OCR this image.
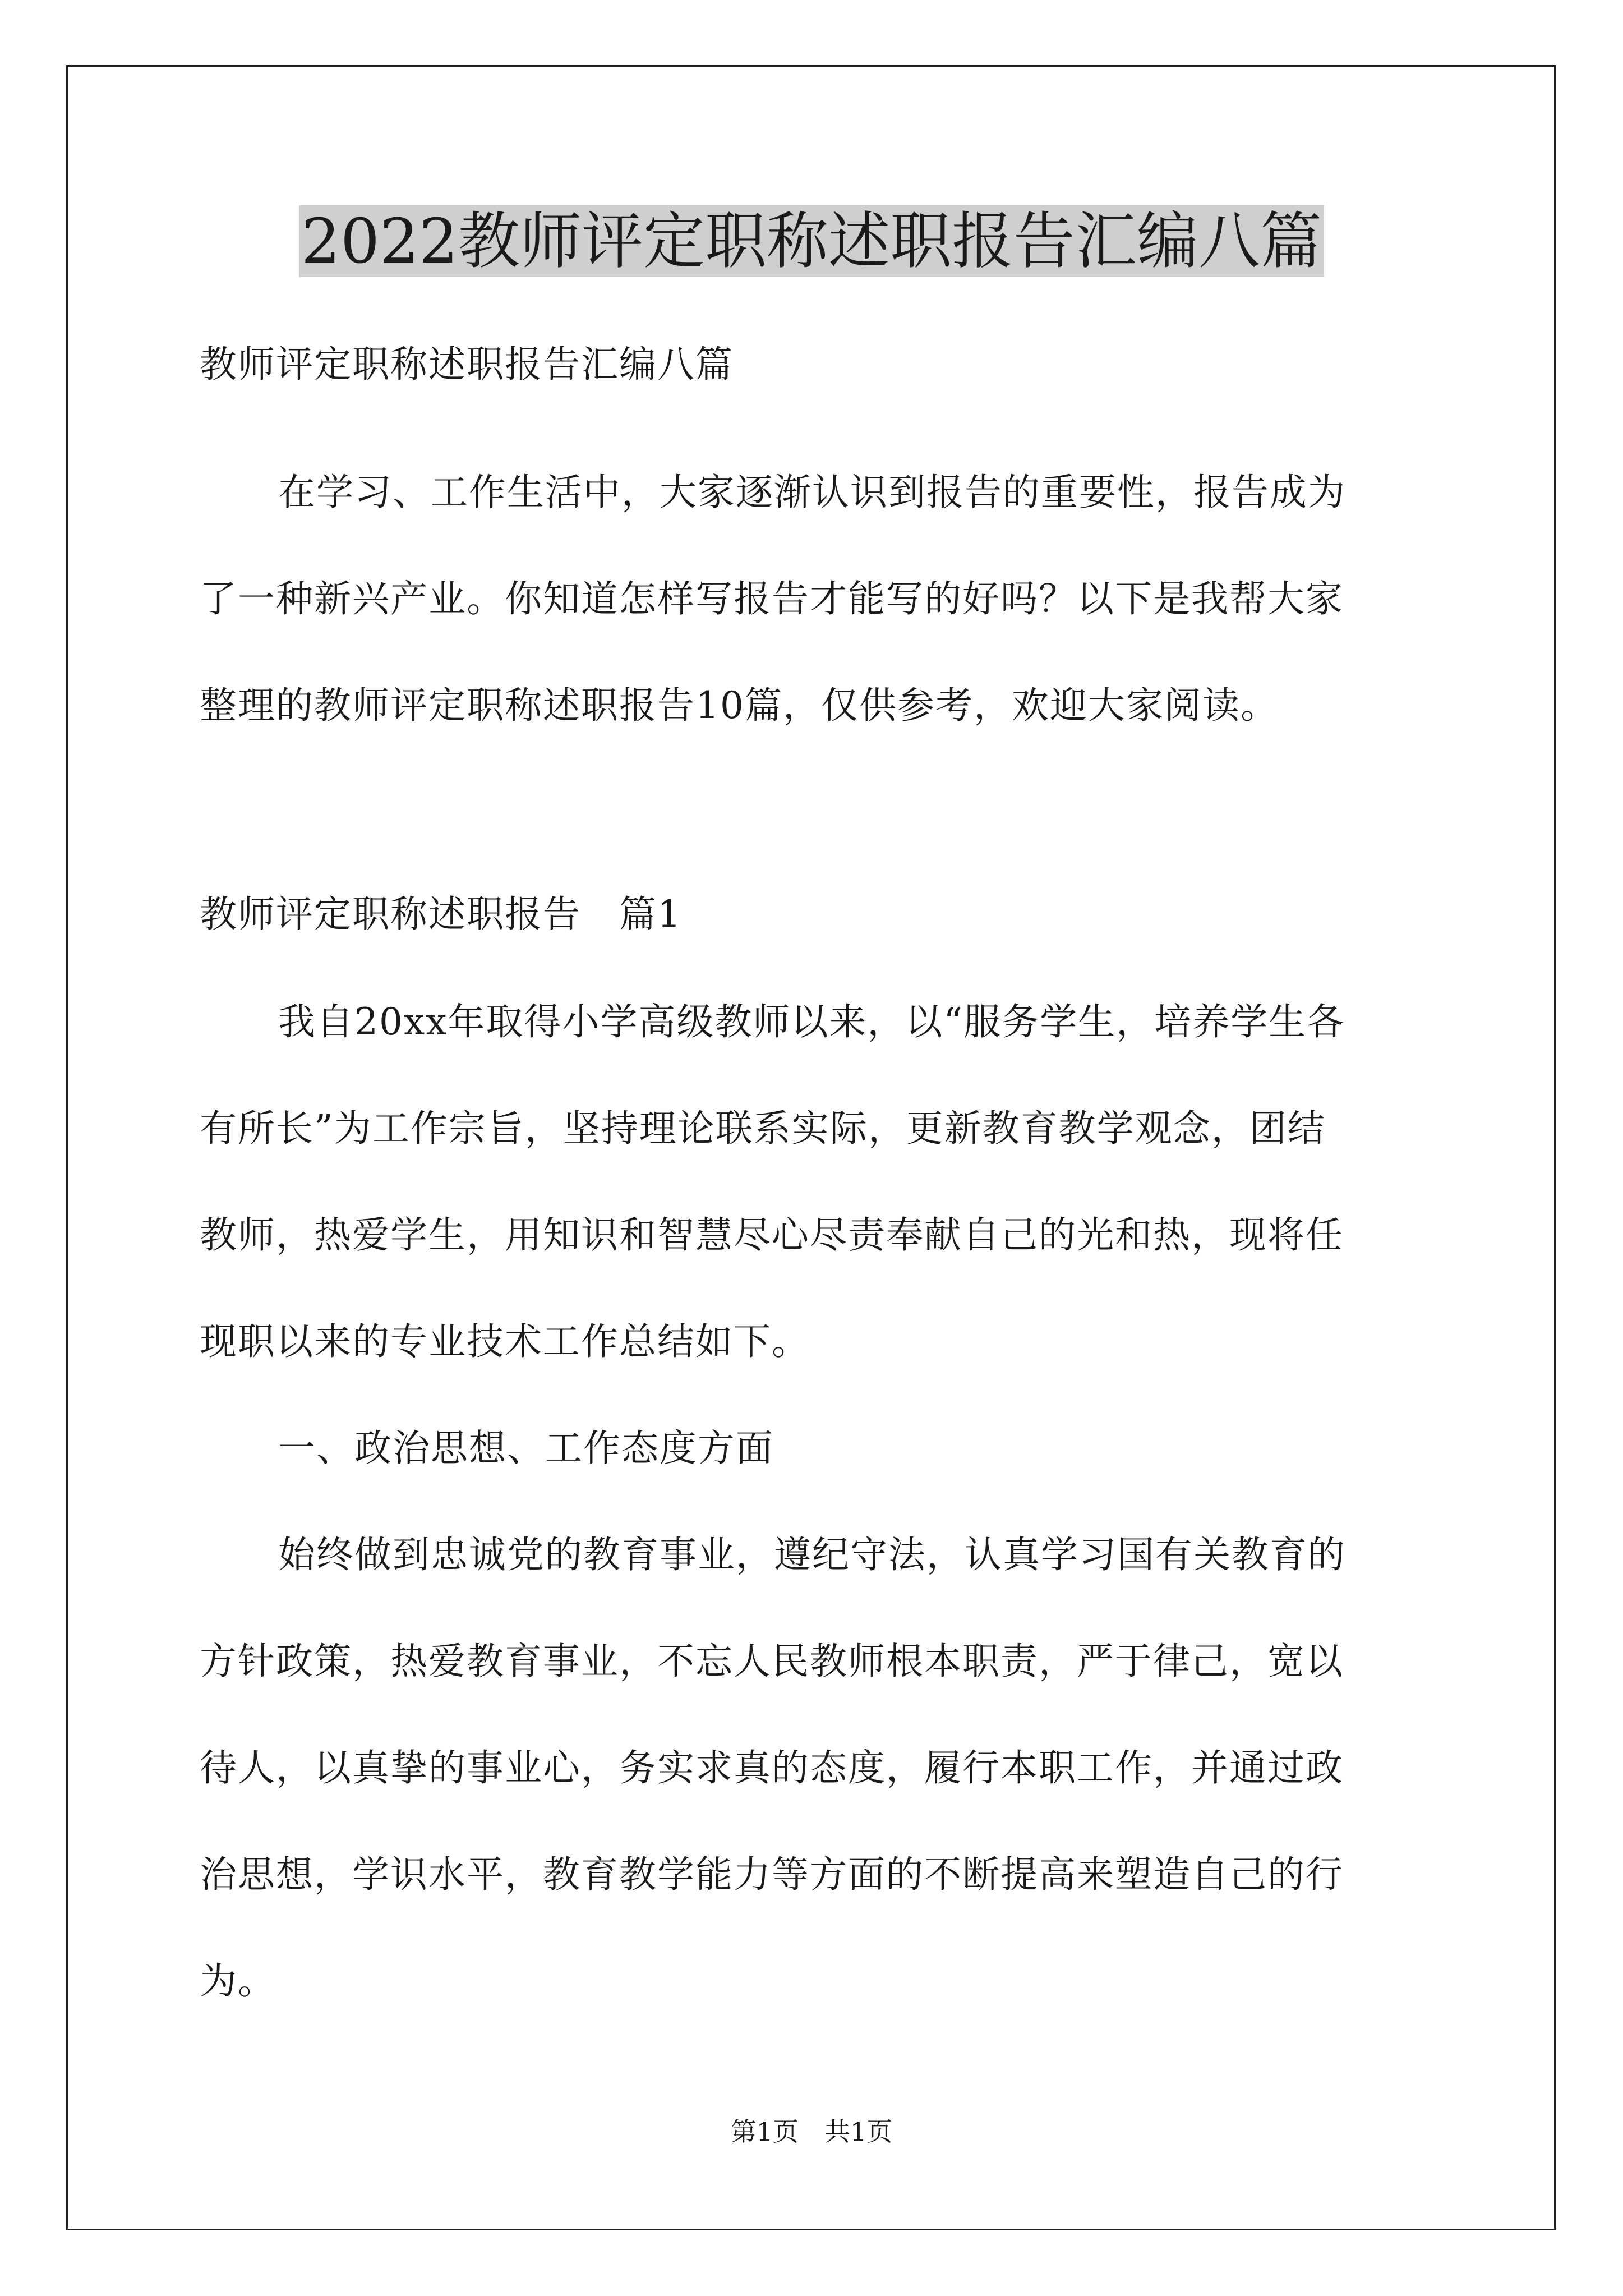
2022教师评定职称述职报告汇编八篇

教师评定职称述职报告汇编八篇

在学习、工作生活中，大家逐渐认识到报告的重要性，报告成为
了一种新兴产业。你知道怎样写报告才能写的好吗？以下是我帮大家
整理的教师评定职称述职报告10篇，仅供参考，欢迎大家阅读。

教师评定职称述职报告　篇1

我自20xx年取得小学高级教师以来，以“服务学生，培养学生各
有所长”为工作宗旨，坚持理论联系实际，更新教育教学观念，团结
教师，热爱学生，用知识和智慧尽心尽责奉献自己的光和热，现将任
现职以来的专业技术工作总结如下。

一、政治思想、工作态度方面

始终做到忠诚党的教育事业，遵纪守法，认真学习国有关教育的
方针政策，热爱教育事业，不忘人民教师根本职责，严于律己，宽以
待人，以真挚的事业心，务实求真的态度，履行本职工作，并通过政
治思想，学识水平，教育教学能力等方面的不断提高来塑造自己的行
为。
第1页　共1页
